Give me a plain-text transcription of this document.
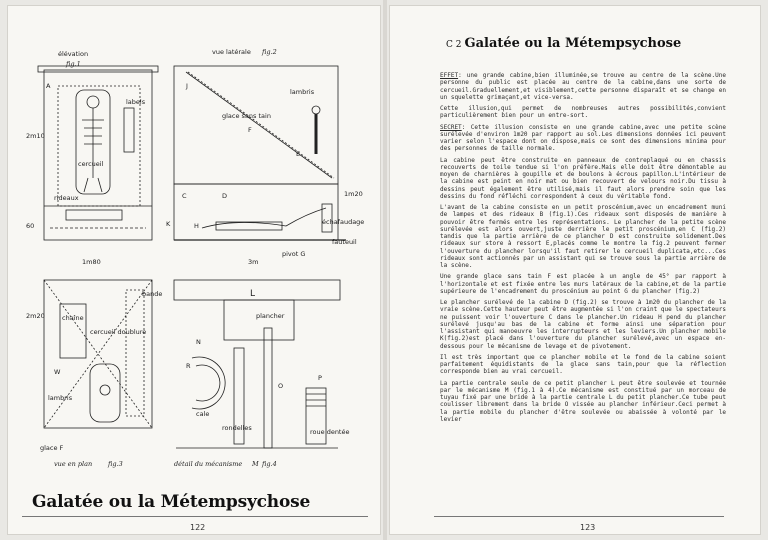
élévation
fig.1
cercueil
labels
2m10
60
vue latérale fig.2
glace sans tain
F
lambris
E
échafaudage
pivot G
C	D	1m20
3m
1m80
chaîne
cercueil doublure
lambris
glace F
vue en plan fig.3
2m20
bande
plancher
cale
rondelles	roue dentée
détail du mécanisme M fig.4
L
N
R
O
P
W
K	H
A	J
rideaux
fauteuil
Galatée ou la Métempsychose
122
C 2 Galatée ou la Métempsychose

EFFET: une grande cabine,bien illuminée,se trouve au centre de la scène.Une personne du public est placée au centre de la cabine,dans une sorte de cercueil.Graduellement,et visiblement,cette personne disparaît et se change en un squelette grimaçant,et vice-versa.

Cette illusion,qui permet de nombreuses autres possibilités,convient particulièrement bien pour un entre-sort.

SECRET: Cette illusion consiste en une grande cabine,avec une petite scène surélevée d'environ 1m20 par rapport au sol.Les dimensions données ici peuvent varier selon l'espace dont on dispose,mais ce sont des dimensions minima pour des personnes de taille normale.

La cabine peut être construite en panneaux de contreplaqué ou en chassis recouverts de toile tendue si l'on préfère.Mais elle doit être démontable au moyen de charnières à goupille et de boulons à écrous papillon.L'intérieur de la cabine est peint en noir mat ou bien recouvert de velours noir.Du tissu à dessins peut également être utilisé,mais il faut alors prendre soin que les dessins du fond réfléchi correspondent à ceux du véritable fond.

L'avant de la cabine consiste en un petit proscénium,avec un encadrement muni de lampes et des rideaux B (fig.1).Ces rideaux sont disposés de manière à pouvoir être fermés entre les représentations. Le plancher de la petite scène surélevée est alors ouvert,juste derrière le petit proscénium,en C (fig.2) tandis que la partie arrière de ce plancher D est construite solidement.Des rideaux sur store à ressort E,placés comme le montre la fig.2 peuvent fermer l'ouverture du plancher lorsqu'il faut retirer le cercueil duplicata,etc...Ces rideaux sont actionnés par un assistant qui se trouve sous la partie arrière de la scène.

Une grande glace sans tain F est placée à un angle de 45° par rapport à l'horizontale et est fixée entre les murs latéraux de la cabine,et de la partie supérieure de l'encadrement du proscénium au point G du plancher (fig.2)

Le plancher surélevé de la cabine D (fig.2) se trouve à 1m20 du plancher de la vraie scène.Cette hauteur peut être augmentée si l'on craint que le spectateurs ne puissent voir l'ouverture C dans le plancher.Un rideau H pend du plancher surélevé jusqu'au bas de la cabine et forme ainsi une séparation pour l'assistant qui manoeuvre les interrupteurs et les leviers.Un plancher mobile K(fig.2)est placé dans l'ouverture du plancher surélevé,avec un espace en-dessous pour le mécanisme de levage et de pivotement.

Il est très important que ce plancher mobile et le fond de la cabine soient parfaitement équidistants de la glace sans tain,pour que la réflection corresponde bien au vrai cercueil.

La partie centrale seule de ce petit plancher L peut être soulevée et tournée par le mécanisme M (fig.1 à 4).Ce mécanisme est constitué par un morceau de tuyau fixé par une bride à la partie centrale L du petit plancher.Ce tube peut coulisser librement dans la bride O vissée au plancher inférieur.Ceci permet à la partie mobile du plancher d'être soulevée ou abaissée à volonté par le levier

123
